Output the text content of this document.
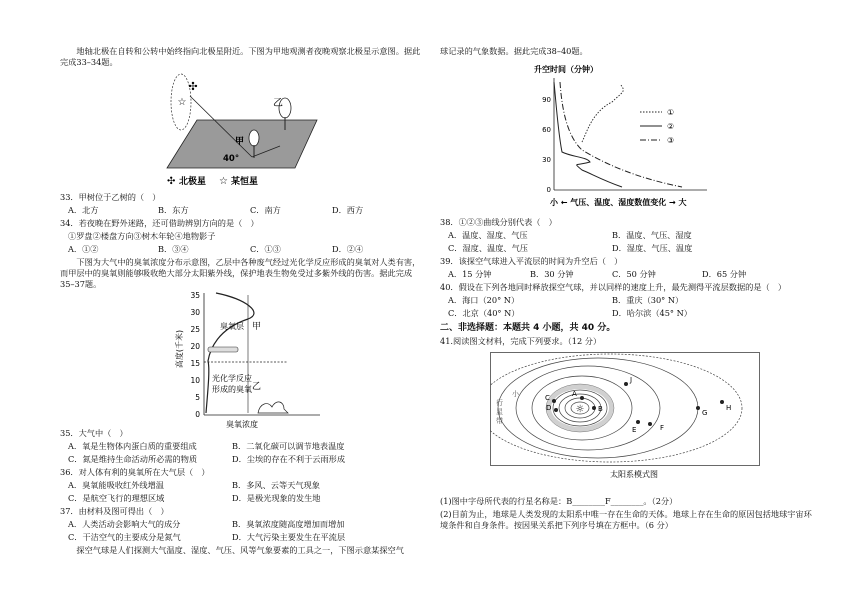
地轴北极在自转和公转中始终指向北极星附近。下图为甲地观测者夜晚观察北极星示意图。据此完成33–34题。
☆
✣
乙
甲
40°
✣ 北极星 ☆ 某恒星
33．甲树位于乙树的（　）
A．北方	B．东方	C．南方	D．西方
34．若夜晚在野外迷路，还可借助辨别方向的是（　）
①罗盘②楼盘方向③树木年轮④地物影子
A．①②	B．③④	C．①③	D．②④
下图为大气中的臭氧浓度分布示意图，乙层中各种废气经过光化学反应形成的臭氧对人类有害，而甲层中的臭氧则能够吸收绝大部分太阳紫外线，保护地表生物免受过多紫外线的伤害。据此完成35–37题。
35
30
25
20
15
10
5
0
高度(千米)
臭氧层 甲
乙
光化学反应
形成的臭氧
臭氧浓度
35．大气中（　）
A．氧是生物体内蛋白质的重要组成	B．二氧化碳可以调节地表温度
C．氮是维持生命活动所必需的物质	D．尘埃的存在不利于云雨形成
36．对人体有利的臭氧所在大气层（　）
A．臭氧能吸收红外线增温	B．多风、云等天气现象
C．是航空飞行的理想区域	D．是极光现象的发生地
37．由材料及图可得出（　）
A．人类活动会影响大气的成分	B．臭氧浓度随高度增加而增加
C．干洁空气的主要成分是氮气	D．大气污染主要发生在平流层
探空气球是人们探测大气温度、湿度、气压、风等气象要素的工具之一，下图示意某探空气
球记录的气象数据。据此完成38–40题。
升空时间（分钟）
90
60
30
0
①
②
③
小 ← 气压、温度、湿度数值变化 → 大
38．①②③曲线分别代表（　）
A．温度、湿度、气压	B．温度、气压、湿度
C．湿度、温度、气压	D．湿度、气压、温度
39．该探空气球进入平流层的时间为升空后（　）
A．15 分钟	B．30 分钟	C．50 分钟	D．65 分钟
40．假设在下列各地同时释放探空气球，并以同样的速度上升，最先测得平流层数据的是（　）
A．海口（20° N）	B．重庆（30° N）
C．北京（40° N）	D．哈尔滨（45° N）
二、非选择题：本题共 4 小题，共 40 分。
41.阅读图文材料，完成下列要求。（12 分）
☼
小
行
星
带
B
A
C
D
E	F
G
H
J
太阳系模式图
(1)图中字母所代表的行星名称是：B________F________。（2分）
(2)目前为止，地球是人类发现的太阳系中唯一存在生命的天体。地球上存在生命的原因包括地球宇宙环境条件和自身条件。按因果关系把下列序号填在方框中。（6 分）
